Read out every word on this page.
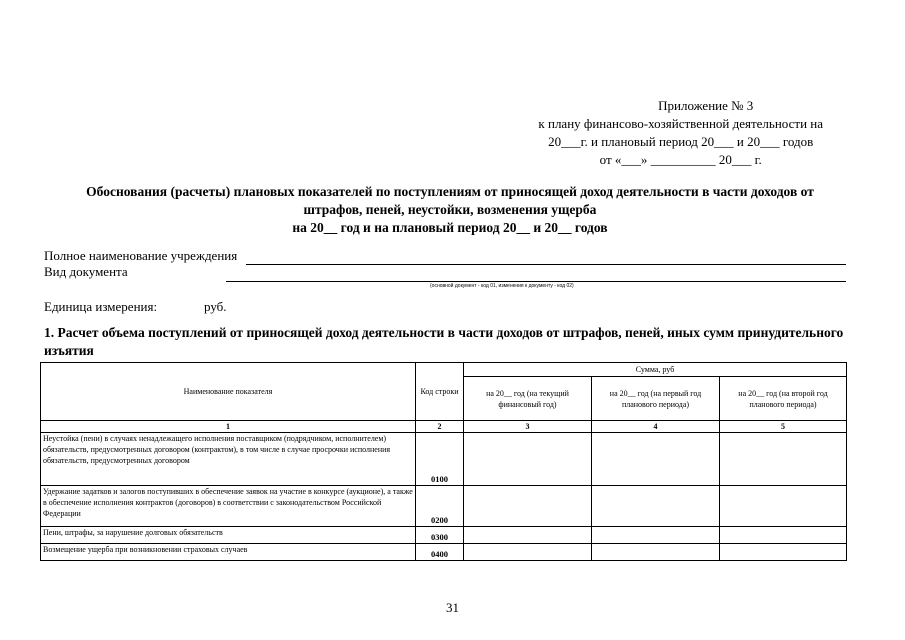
Приложение № 3
к плану финансово-хозяйственной деятельности на
20___г. и плановый период 20___ и 20___ годов
от «___» __________ 20___ г.
Обоснования (расчеты) плановых показателей по поступлениям от приносящей доход деятельности в части доходов от
штрафов, пеней, неустойки, возменения ущерба
на 20__ год и на плановый период 20__ и 20__ годов
Полное наименование учреждения
Вид документа
(основной документ - код 01, изменения к документу - код 02)
Единица измерения:	руб.
1. Расчет объема поступлений от приносящей доход деятельности в части доходов от штрафов, пеней, иных сумм принудительного изъятия
Наименование показателя	Код строки	Сумма, руб		
		на 20__ год (на текущий финансовый год)	на 20__ год (на первый год планового периода)	на 20__ год (на второй год планового периода)
1	2	3	4	5
Неустойка (пени) в случаях ненадлежащего исполнения поставщиком (подрядчиком, исполнителем) обязательств, предусмотренных договором (контрактом), в том числе в случае просрочки исполнения обязательств, предусмотренных договором	0100			
Удержание задатков и залогов поступивших в обеспечение заявок на участие в конкурсе (аукционе), а также в обеспечение исполнения контрактов (договоров) в соответствии с законодательством Российской Федерации	0200			
Пени, штрафы, за нарушение долговых обязательств	0300			
Возмещение ущерба при возникновении страховых случаев	0400			
31
